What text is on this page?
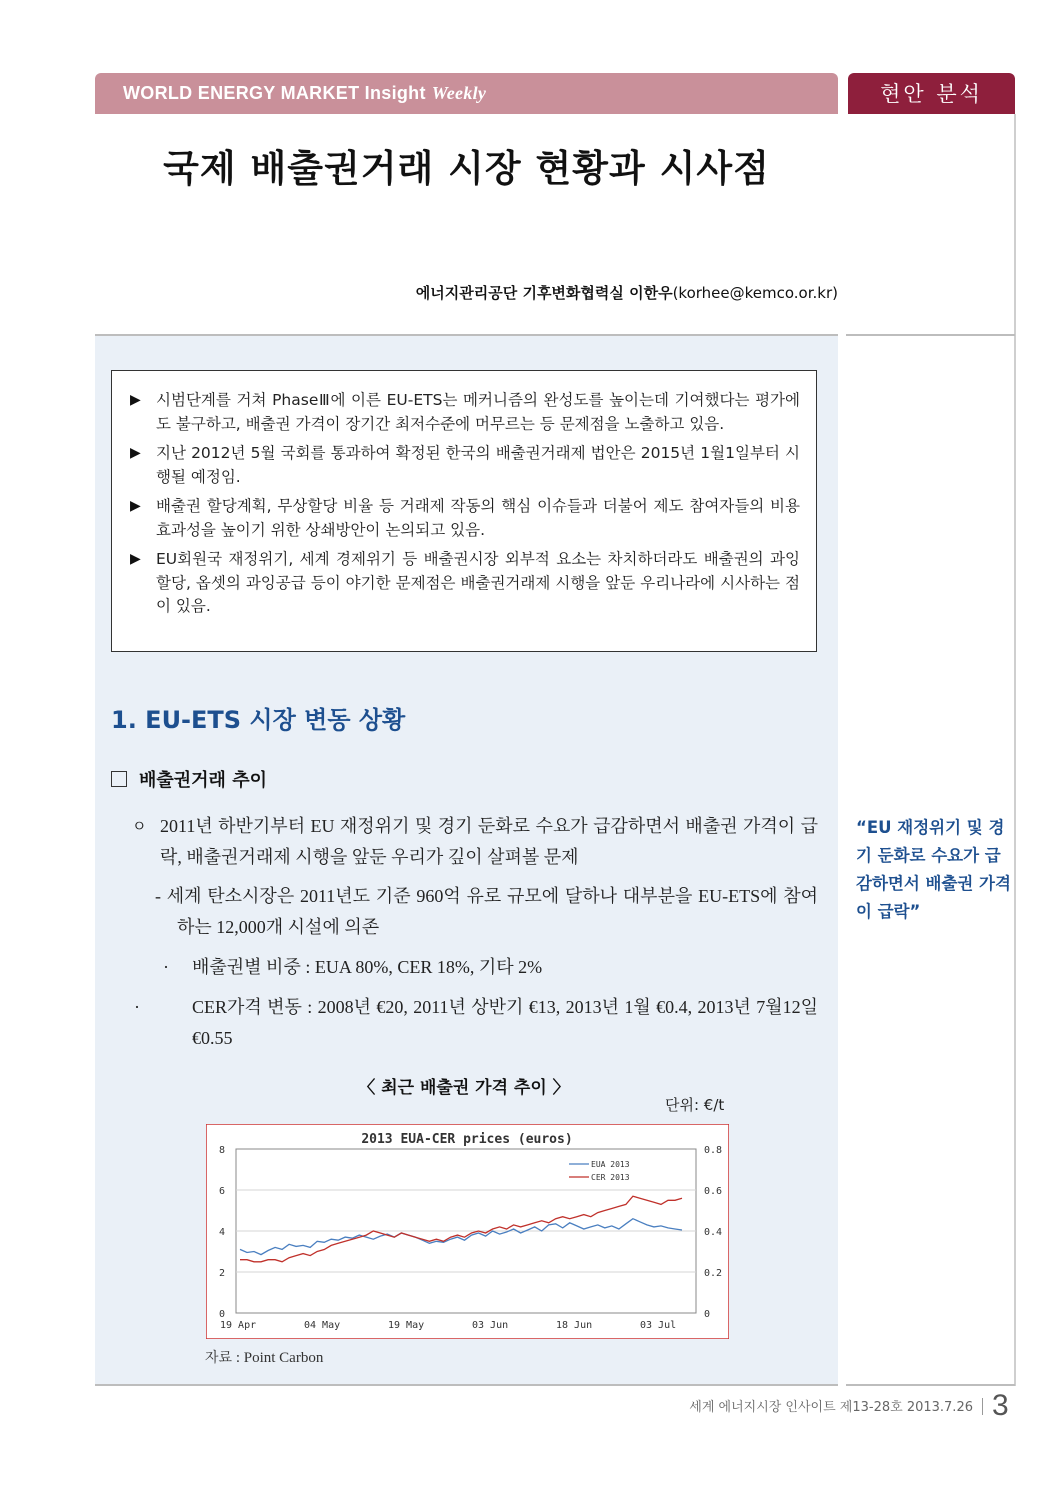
WORLD ENERGY MARKET Insight Weekly	현안 분석
국제 배출권거래 시장 현황과 시사점
에너지관리공단 기후변화협력실 이한우(korhee@kemco.or.kr)
▶ 시범단계를 거쳐 PhaseⅢ에 이른 EU-ETS는 메커니즘의 완성도를 높이는데 기여했다는 평가에도 불구하고, 배출권 가격이 장기간 최저수준에 머무르는 등 문제점을 노출하고 있음.
▶ 지난 2012년 5월 국회를 통과하여 확정된 한국의 배출권거래제 법안은 2015년 1월1일부터 시행될 예정임.
▶ 배출권 할당계획, 무상할당 비율 등 거래제 작동의 핵심 이슈들과 더불어 제도 참여자들의 비용 효과성을 높이기 위한 상쇄방안이 논의되고 있음.
▶ EU회원국 재정위기, 세계 경제위기 등 배출권시장 외부적 요소는 차치하더라도 배출권의 과잉할당, 옵셋의 과잉공급 등이 야기한 문제점은 배출권거래제 시행을 앞둔 우리나라에 시사하는 점이 있음.
1. EU-ETS 시장 변동 상황
배출권거래 추이
ㅇ 2011년 하반기부터 EU 재정위기 및 경기 둔화로 수요가 급감하면서 배출권 가격이 급락, 배출권거래제 시행을 앞둔 우리가 깊이 살펴볼 문제
- 세계 탄소시장은 2011년도 기준 960억 유로 규모에 달하나 대부분을 EU-ETS에 참여하는 12,000개 시설에 의존
· 배출권별 비중 : EUA 80%, CER 18%, 기타 2%
·	CER가격 변동 : 2008년 €20, 2011년 상반기 €13, 2013년 1월 €0.4, 2013년 7월12일 €0.55
“EU 재정위기 및 경기 둔화로 수요가 급감하면서 배출권 가격이 급락”
〈 최근 배출권 가격 추이 〉
단위: €/t
0
2
4
6
8
0
0.2
0.4
0.6
0.8
19 Apr	04 May	19 May	03 Jun	18 Jun	03 Jul
2013 EUA-CER prices (euros)
EUA 2013
CER 2013
자료 : Point Carbon
세계 에너지시장 인사이트 제13-28호 2013.7.26 3
